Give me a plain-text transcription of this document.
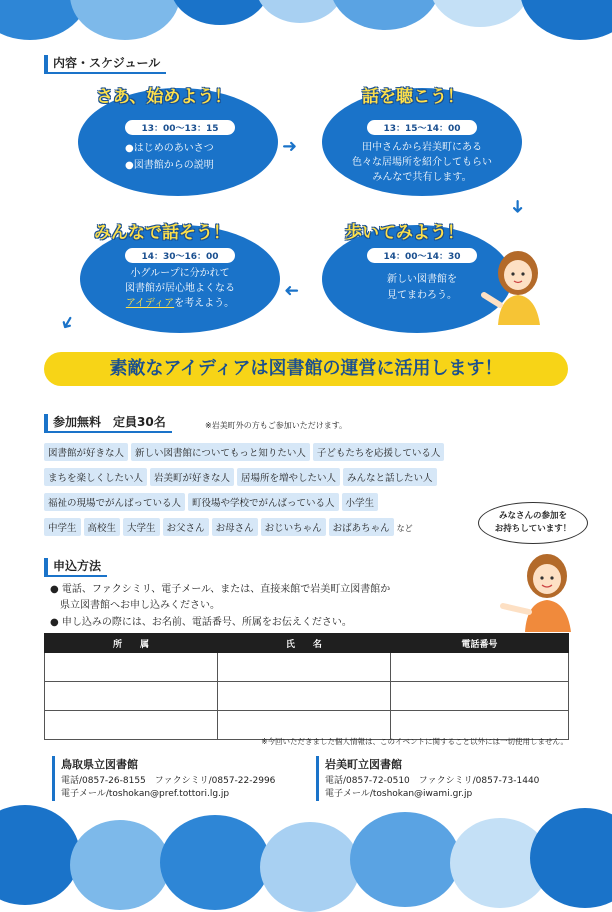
内容・スケジュール
さあ、始めよう！
13：00～13：15
●はじめのあいさつ
●図書館からの説明
➜
話を聴こう！
13：15～14：00
田中さんから岩美町にある
色々な居場所を紹介してもらい
みんなで共有します。
➜
みんなで話そう！
14：30～16：00
小グループに分かれて
図書館が居心地よくなる
アイディアを考えよう。
➜
➜
歩いてみよう！
14：00～14：30
新しい図書館を
見てまわろう。
素敵なアイディアは図書館の運営に活用します！
参加無料　定員30名	※岩美町外の方もご参加いただけます。
図書館が好きな人 新しい図書館についてもっと知りたい人 子どもたちを応援している人
まちを楽しくしたい人 岩美町が好きな人 居場所を増やしたい人 みんなと話したい人
福祉の現場でがんばっている人 町役場や学校でがんばっている人 小学生
中学生 高校生 大学生 お父さん お母さん おじいちゃん おばあちゃん など
みなさんの参加を
お持ちしています！
申込方法
● 電話、ファクシミリ、電子メール、または、直接来館で岩美町立図書館か
　県立図書館へお申し込みください。
● 申し込みの際には、お名前、電話番号、所属をお伝えください。
所　　属	氏　　名	電話番号

※今回いただきました個人情報は、このイベントに関すること以外には一切使用しません。
鳥取県立図書館
電話/0857-26-8155　ファクシミリ/0857-22-2996
電子メール/toshokan@pref.tottori.lg.jp
岩美町立図書館
電話/0857-72-0510　ファクシミリ/0857-73-1440
電子メール/toshokan@iwami.gr.jp
